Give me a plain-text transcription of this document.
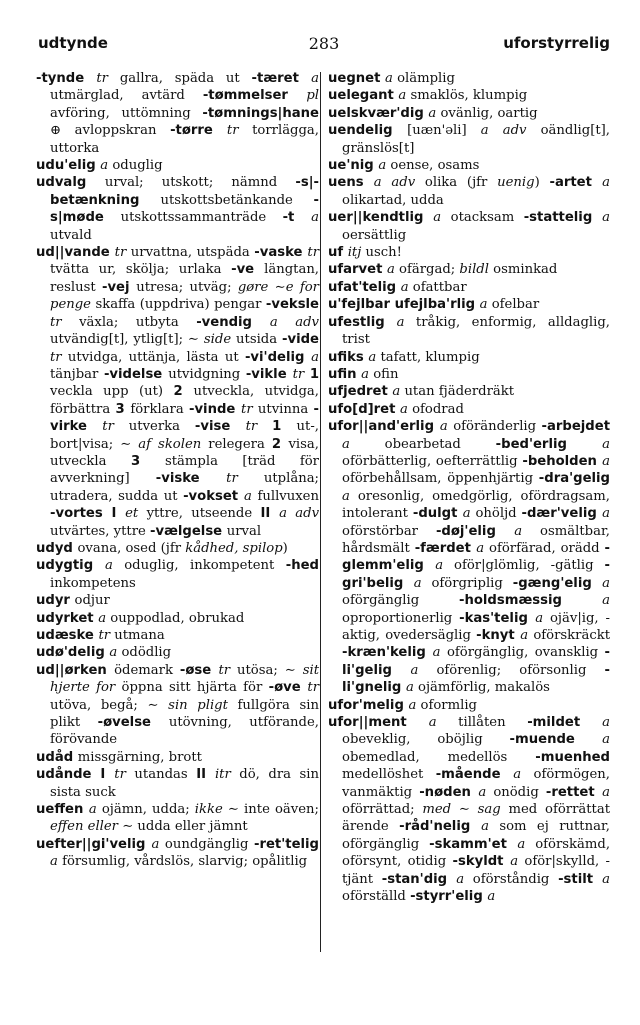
udtynde	283	uforstyrrelig

-tynde tr gallra, späda ut -tæret a utmärglad, avtärd -tømmelser pl avföring, uttömning -tømnings|hane ⊕ avloppskran -tørre tr torrlägga, uttorka

udu'elig a oduglig

udvalg urval; utskott; nämnd -s|-betænkning utskottsbetänkande -s|møde utskottssammanträde -t a utvald

ud||vande tr urvattna, utspäda -vaske tr tvätta ur, skölja; urlaka -ve längtan, reslust -vej utresa; utväg; gøre ∼e for penge skaffa (uppdriva) pengar -veksle tr växla; utbyta -vendig a adv utvändig[t], ytlig[t]; ∼ side utsida -vide tr utvidga, uttänja, lästa ut -vi'delig a tänjbar -videlse utvidgning -vikle tr 1 veckla upp (ut) 2 utveckla, utvidga, förbättra 3 förklara -vinde tr utvinna -virke tr utverka -vise tr 1 ut-, bort|visa; ∼ af skolen relegera 2 visa, utveckla 3 stämpla [träd för avverkning] -viske tr utplåna; utradera, sudda ut -vokset a fullvuxen -vortes I et yttre, utseende II a adv utvärtes, yttre -vælgelse urval

udyd ovana, osed (jfr kådhed, spilop)

udygtig a oduglig, inkompetent -hed inkompetens

udyr odjur

udyrket a ouppodlad, obrukad

udæske tr utmana

udø'delig a odödlig

ud||ørken ödemark -øse tr utösa; ∼ sit hjerte for öppna sitt hjärta för -øve tr utöva, begå; ∼ sin pligt fullgöra sin plikt -øvelse utövning, utförande, förövande

udåd missgärning, brott

udånde I tr utandas II itr dö, dra sin sista suck

ueffen a ojämn, udda; ikke ∼ inte oäven; effen eller ∼ udda eller jämnt

uefter||gi'velig a oundgänglig -ret'telig a försumlig, vårdslös, slarvig; opålitlig

uegnet a olämplig

uelegant a smaklös, klumpig

uelskvær'dig a ovänlig, oartig

uendelig [uæn'əli] a adv oändlig[t], gränslös[t]

ue'nig a oense, osams

uens a adv olika (jfr uenig) -artet a olikartad, udda

uer||kendtlig a otacksam -stattelig a oersättlig

uf itj usch!

ufarvet a ofärgad; bildl osminkad

ufat'telig a ofattbar

u'fejlbar ufejlba'rlig a ofelbar

ufestlig a tråkig, enformig, alldaglig, trist

ufiks a tafatt, klumpig

ufin a ofin

ufjedret a utan fjäderdräkt

ufo[d]ret a ofodrad

ufor||and'erlig a oföränderlig -arbejdet a obearbetad -bed'erlig a oförbätterlig, oefterrättlig -beholden a oförbehållsam, öppenhjärtig -dra'gelig a oresonlig, omedgörlig, ofördragsam, intolerant -dulgt a ohöljd -dær'velig a oförstörbar -døj'elig a osmältbar, hårdsmält -færdet a oförfärad, orädd -glemm'elig a oför|glömlig, -gätlig -gri'belig a oförgriplig -gæng'elig a oförgänglig -holdsmæssig a oproportionerlig -kas'telig a ojäv|ig, -aktig, ovedersäglig -knyt a oförskräckt -kræn'kelig a oförgänglig, ovansklig -li'gelig a oförenlig; oförsonlig -li'gnelig a ojämförlig, makalös

ufor'melig a oformlig

ufor||ment a tillåten -mildet a obeveklig, oböjlig -muende a obemedlad, medellös -muenhed medellöshet -mående a oförmögen, vanmäktig -nøden a onödig -rettet a oförrättad; med ∼ sag med oförrättat ärende -råd'nelig a som ej ruttnar, oförgänglig -skamm'et a oförskämd, oförsynt, otidig -skyldt a oför|skylld, -tjänt -stan'dig a oförståndig -stilt a oförställd -styrr'elig a
